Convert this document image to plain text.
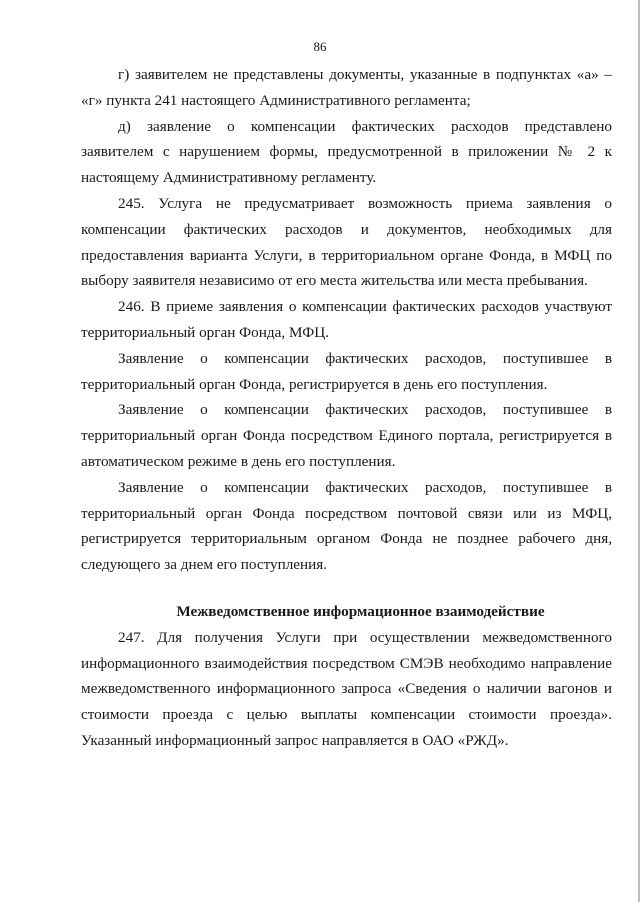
86

г) заявителем не представлены документы, указанные в подпунктах «а» – «г» пункта 241 настоящего Административного регламента;

д) заявление о компенсации фактических расходов представлено заявителем с нарушением формы, предусмотренной в приложении № 2 к настоящему Административному регламенту.

245. Услуга не предусматривает возможность приема заявления о компенсации фактических расходов и документов, необходимых для предоставления варианта Услуги, в территориальном органе Фонда, в МФЦ по выбору заявителя независимо от его места жительства или места пребывания.

246. В приеме заявления о компенсации фактических расходов участвуют территориальный орган Фонда, МФЦ.

Заявление о компенсации фактических расходов, поступившее в территориальный орган Фонда, регистрируется в день его поступления.

Заявление о компенсации фактических расходов, поступившее в территориальный орган Фонда посредством Единого портала, регистрируется в автоматическом режиме в день его поступления.

Заявление о компенсации фактических расходов, поступившее в территориальный орган Фонда посредством почтовой связи или из МФЦ, регистрируется территориальным органом Фонда не позднее рабочего дня, следующего за днем его поступления.

Межведомственное информационное взаимодействие

247. Для получения Услуги при осуществлении межведомственного информационного взаимодействия посредством СМЭВ необходимо направление межведомственного информационного запроса «Сведения о наличии вагонов и стоимости проезда с целью выплаты компенсации стоимости проезда». Указанный информационный запрос направляется в ОАО «РЖД».
